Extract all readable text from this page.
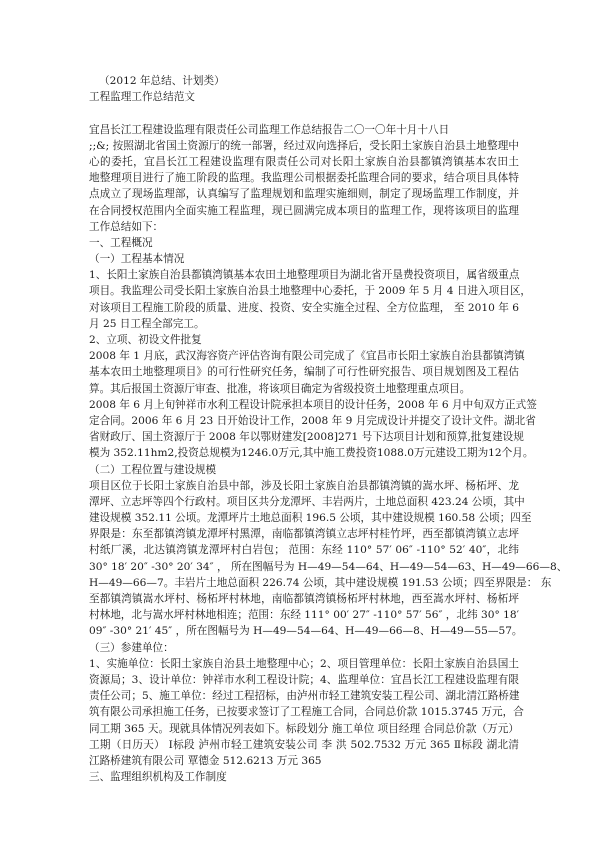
（2012 年总结、计划类）
工程监理工作总结范文
宜昌长江工程建设监理有限责任公司监理工作总结报告二〇一〇年十月十八日
;;&; 按照湖北省国土资源厅的统一部署，经过双向选择后，受长阳土家族自治县土地整理中
心的委托，宜昌长江工程建设监理有限责任公司对长阳土家族自治县都镇湾镇基本农田土
地整理项目进行了施工阶段的监理。我监理公司根据委托监理合同的要求，结合项目具体特
点成立了现场监理部，认真编写了监理规划和监理实施细则，制定了现场监理工作制度，并
在合同授权范围内全面实施工程监理，现已圆满完成本项目的监理工作，现将该项目的监理
工作总结如下：
一、工程概况
（一）工程基本情况
1、长阳土家族自治县都镇湾镇基本农田土地整理项目为湖北省开垦费投资项目，属省级重点
项目。我监理公司受长阳土家族自治县土地整理中心委托，于 2009 年 5 月 4 日进入项目区，
对该项目工程施工阶段的质量、进度、投资、安全实施全过程、全方位监理， 至 2010 年 6
月 25 日工程全部完工。
2、立项、初设文件批复
2008 年 1 月底，武汉海容资产评估咨询有限公司完成了《宜昌市长阳土家族自治县都镇湾镇
基本农田土地整理项目》的可行性研究任务，编制了可行性研究报告、项目规划图及工程估
算。其后报国土资源厅审查、批准，将该项目确定为省级投资土地整理重点项目。
2008 年 6 月上旬钟祥市水利工程设计院承担本项目的设计任务，2008 年 6 月中旬双方正式签
定合同。2006 年 6 月 23 日开始设计工作，2008 年 9 月完成设计并提交了设计文件。湖北省
省财政厅、国土资源厅于 2008 年以鄂财建发[2008]271 号下达项目计划和预算,批复建设规
模为 352.11hm2,投资总规模为1246.0万元,其中施工费投资1088.0万元建设工期为12个月。
（二）工程位置与建设规模
项目区位于长阳土家族自治县中部，涉及长阳土家族自治县都镇湾镇的嵩水坪、杨柘坪、龙
潭坪、立志坪等四个行政村。项目区共分龙潭坪、丰岩两片，土地总面积 423.24 公顷，其中
建设规模 352.11 公顷。龙潭坪片土地总面积 196.5 公顷，其中建设规模 160.58 公顷；四至
界限是：东至都镇湾镇龙潭坪村黑潭，南临都镇湾镇立志坪村桂竹坪，西至都镇湾镇立志坪
村纸厂溪，北达镇湾镇龙潭坪村白岩包； 范围：东经 110° 57′ 06″ -110° 52′ 40″，北纬
30° 18′ 20″ -30° 20′ 34″ ， 所在图幅号为 H—49—54—64、H—49—54—63、H—49—66—8、
H—49—66—7。丰岩片土地总面积 226.74 公顷，其中建设规模 191.53 公顷；四至界限是： 东
至都镇湾镇嵩水坪村、杨柘坪村林地，南临都镇湾镇杨柘坪村林地，西至嵩水坪村、杨柘坪
村林地，北与嵩水坪村林地相连；范围：东经 111° 00′ 27″ -110° 57′ 56″ ，北纬 30° 18′
09″ -30° 21′ 45″ ，所在图幅号为 H—49—54—64、H—49—66—8、H—49—55—57。
（三）参建单位：
1、实施单位：长阳土家族自治县土地整理中心；2、项目管理单位：长阳土家族自治县国土
资源局；3、设计单位：钟祥市水利工程设计院；4、监理单位：宜昌长江工程建设监理有限
责任公司；5、施工单位：经过工程招标，由泸州市轻工建筑安装工程公司、湖北清江路桥建
筑有限公司承担施工任务，已按要求签订了工程施工合同，合同总价款 1015.3745 万元，合
同工期 365 天。现就具体情况列表如下。标段划分 施工单位 项目经理 合同总价款（万元）
工期（日历天） Ⅰ标段 泸州市轻工建筑安装公司 李 洪 502.7532 万元 365 Ⅱ标段 湖北清
江路桥建筑有限公司 覃德金 512.6213 万元 365
三、监理组织机构及工作制度
